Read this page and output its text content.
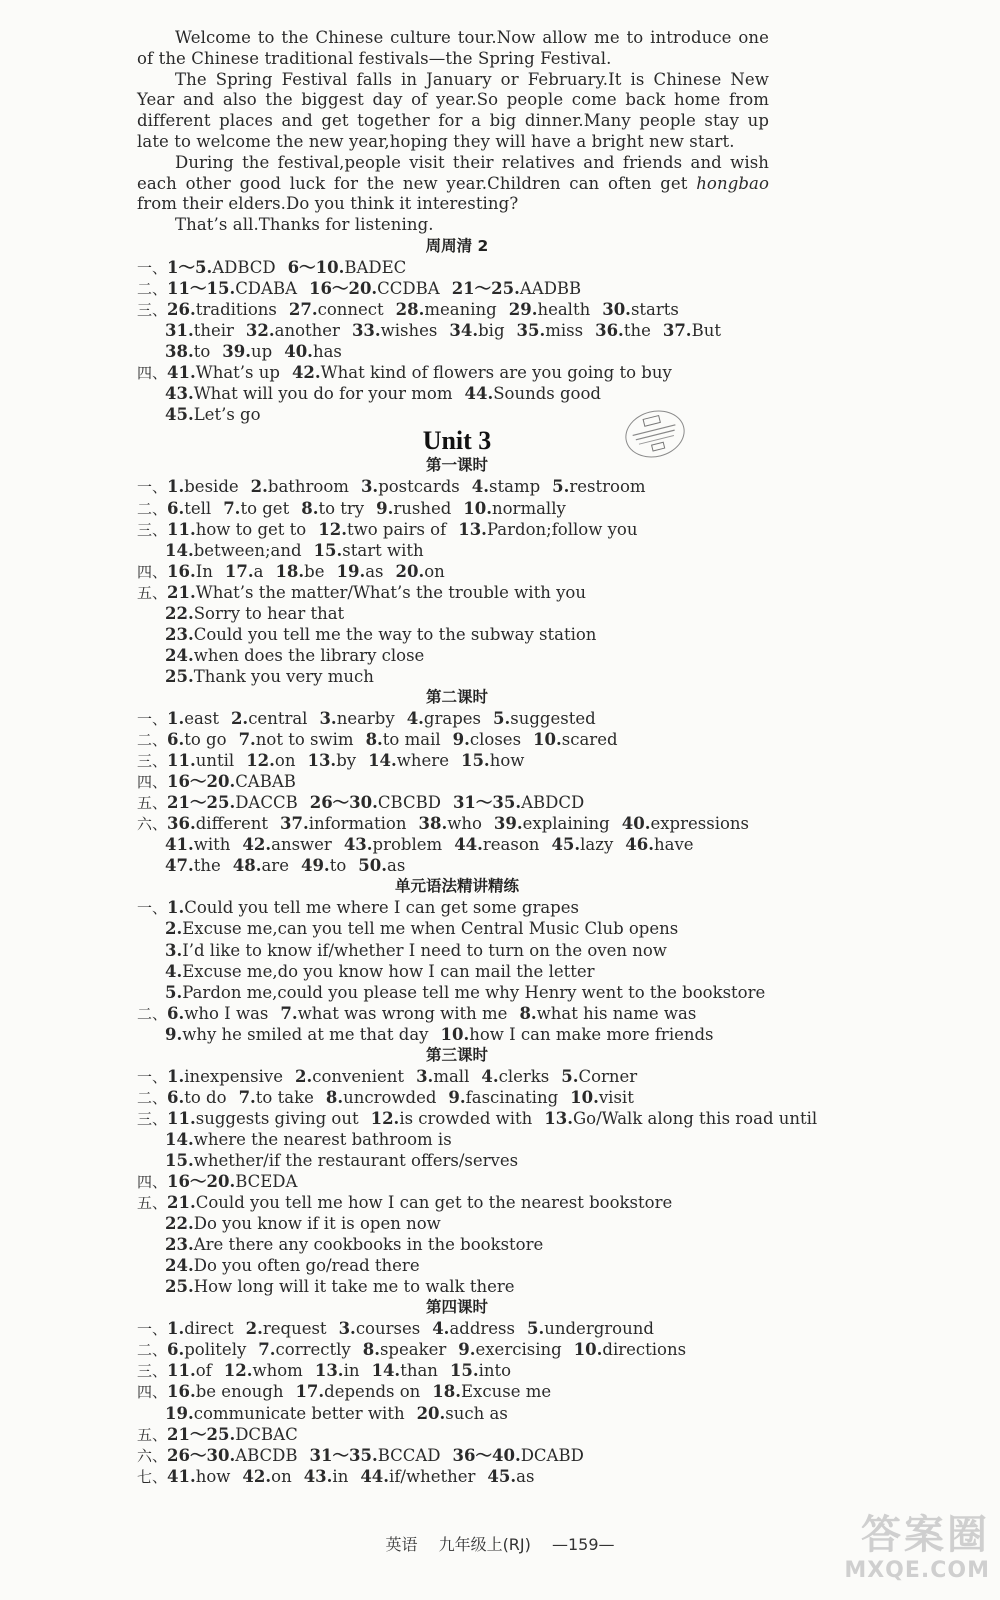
Welcome to the Chinese culture tour.Now allow me to introduce one of the Chinese traditional festivals—the Spring Festival.

The Spring Festival falls in January or February.It is Chinese New Year and also the biggest day of year.So people come back home from different places and get together for a big dinner.Many people stay up late to welcome the new year,hoping they will have a bright new start.

During the festival,people visit their relatives and friends and wish each other good luck for the new year.Children can often get hongbao from their elders.Do you think it interesting?

That’s all.Thanks for listening.

周周清 2
一、1～5.ADBCD 6～10.BADEC
二、11～15.CDABA 16～20.CCDBA 21～25.AADBB
三、26.traditions 27.connect 28.meaning 29.health 30.starts
31.their 32.another 33.wishes 34.big 35.miss 36.the 37.But
38.to 39.up 40.has
四、41.What’s up 42.What kind of flowers are you going to buy
43.What will you do for your mom 44.Sounds good
45.Let’s go
Unit 3
第一课时
一、1.beside 2.bathroom 3.postcards 4.stamp 5.restroom
二、6.tell 7.to get 8.to try 9.rushed 10.normally
三、11.how to get to 12.two pairs of 13.Pardon;follow you
14.between;and 15.start with
四、16.In 17.a 18.be 19.as 20.on
五、21.What’s the matter/What’s the trouble with you
22.Sorry to hear that
23.Could you tell me the way to the subway station
24.when does the library close
25.Thank you very much
第二课时
一、1.east 2.central 3.nearby 4.grapes 5.suggested
二、6.to go 7.not to swim 8.to mail 9.closes 10.scared
三、11.until 12.on 13.by 14.where 15.how
四、16～20.CABAB
五、21～25.DACCB 26～30.CBCBD 31～35.ABDCD
六、36.different 37.information 38.who 39.explaining 40.expressions
41.with 42.answer 43.problem 44.reason 45.lazy 46.have
47.the 48.are 49.to 50.as
单元语法精讲精练
一、1.Could you tell me where I can get some grapes
2.Excuse me,can you tell me when Central Music Club opens
3.I’d like to know if/whether I need to turn on the oven now
4.Excuse me,do you know how I can mail the letter
5.Pardon me,could you please tell me why Henry went to the bookstore
二、6.who I was 7.what was wrong with me 8.what his name was
9.why he smiled at me that day 10.how I can make more friends
第三课时
一、1.inexpensive 2.convenient 3.mall 4.clerks 5.Corner
二、6.to do 7.to take 8.uncrowded 9.fascinating 10.visit
三、11.suggests giving out 12.is crowded with 13.Go/Walk along this road until
14.where the nearest bathroom is
15.whether/if the restaurant offers/serves
四、16～20.BCEDA
五、21.Could you tell me how I can get to the nearest bookstore
22.Do you know if it is open now
23.Are there any cookbooks in the bookstore
24.Do you often go/read there
25.How long will it take me to walk there
第四课时
一、1.direct 2.request 3.courses 4.address 5.underground
二、6.politely 7.correctly 8.speaker 9.exercising 10.directions
三、11.of 12.whom 13.in 14.than 15.into
四、16.be enough 17.depends on 18.Excuse me
19.communicate better with 20.such as
五、21～25.DCBAC
六、26～30.ABCDB 31～35.BCCAD 36～40.DCABD
七、41.how 42.on 43.in 44.if/whether 45.as
英语 九年级上(RJ) —159—	答案圈
MXQE.COM
